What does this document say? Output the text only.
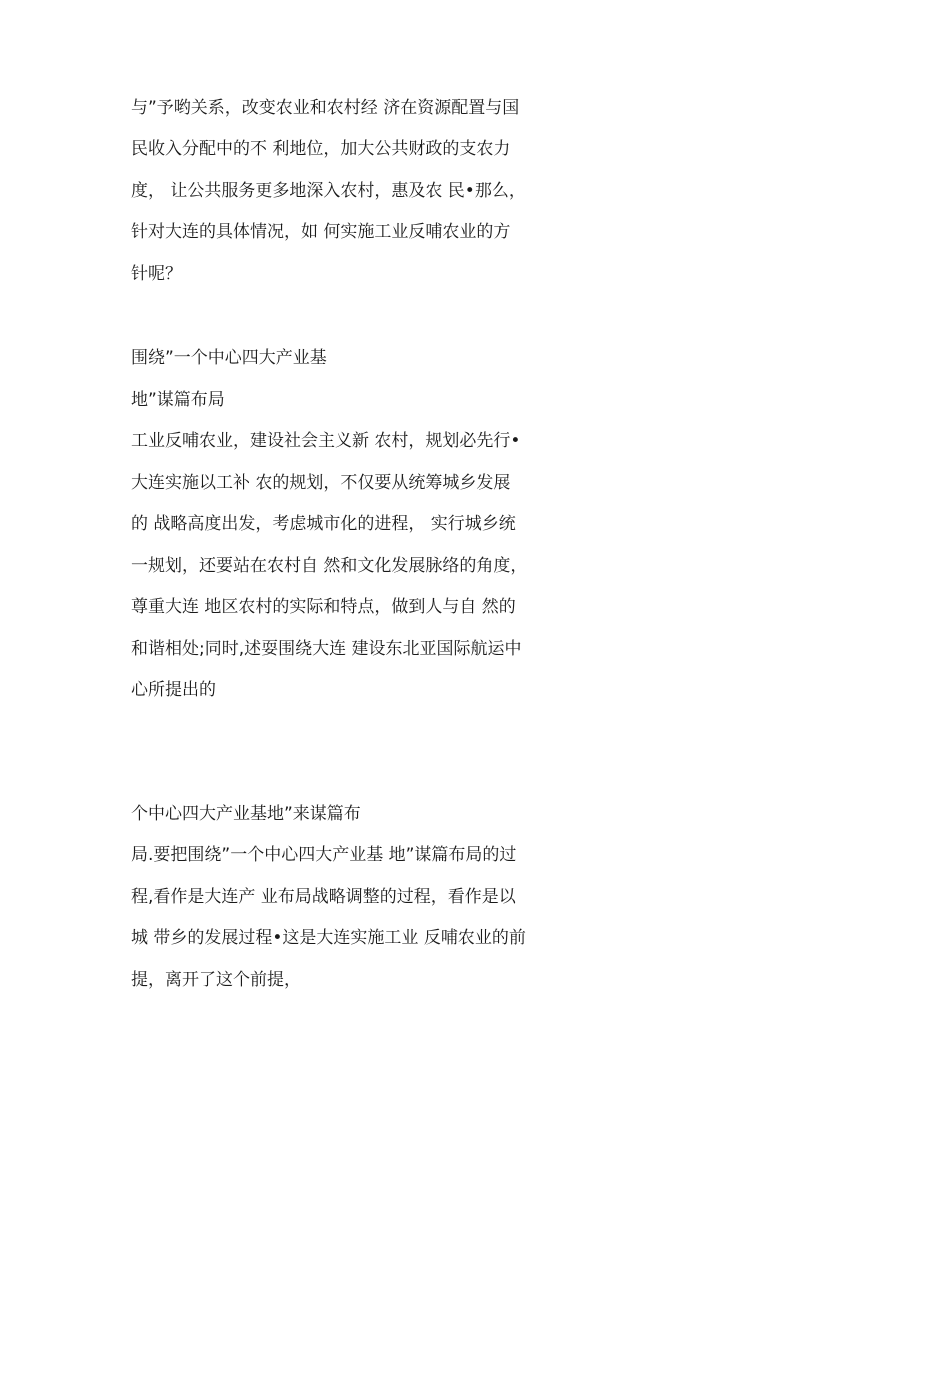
与”予哟关系，改变农业和农村经 济在资源配置与国
民收入分配中的不 利地位，加大公共财政的支农力
度， 让公共服务更多地深入农村，惠及农 民•那么，
针对大连的具体情况，如 何实施工业反哺农业的方
针呢？
围绕”一个中心四大产业基
地”谋篇布局
工业反哺农业，建设社会主义新 农村，规划必先行•
大连实施以工补 农的规划，不仅要从统筹城乡发展
的 战略高度出发，考虑城市化的进程， 实行城乡统
一规划，还要站在农村自 然和文化发展脉络的角度，
尊重大连 地区农村的实际和特点，做到人与自 然的
和谐相处;同时,述耍围绕大连 建设东北亚国际航运中
心所提出的
个中心四大产业基地”来谋篇布
局.要把围绕”一个中心四大产业基 地”谋篇布局的过
程,看作是大连产 业布局战略调整的过程，看作是以
城 带乡的发展过程•这是大连实施工业 反哺农业的前
提，离开了这个前提，
